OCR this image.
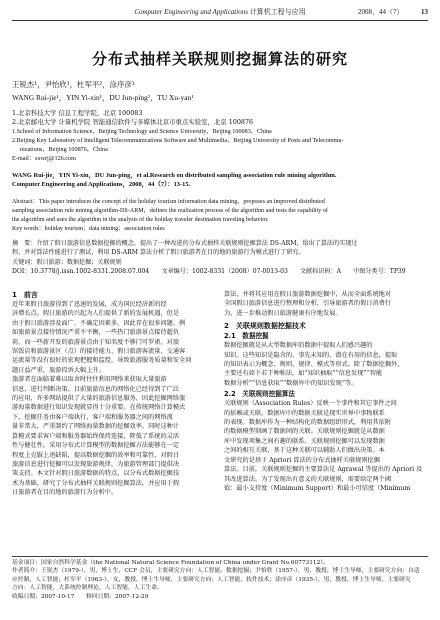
Computer Engineering and Applications 计算机工程与应用	2008，44（7）	13
分布式抽样关联规则挖掘算法的研究
王锐杰¹，尹怡欣¹，杜军平²，涂序彦¹
WANG Rui-jie¹，YIN Yi-xin¹，DU Jun-ping²，TU Xu-yan¹
1.北京科技大学 信息工程学院，北京 100083
2.北京邮电大学 计算机学院 智能通信软件与多媒体北京市重点实验室，北京 100876
1.School of Information Science，Beijing Technology and Science University，Beijing 100083，China
2.Beijing Key Laboratory of Intelligent Telecommunications Software and Multimedia，Beijing University of Posts and Telecommu-
nications，Beijing 100876，China
E-mail：sxwrj@126.com
WANG Rui-jie，YIN Yi-xin，DU Jun-ping，et al.Research on distributed sampling association rule mining algorithm.
Computer Engineering and Applications，2008，44（7）：13-15.
Abstract：This paper introduces the concept of the holiday tourism information data mining，proposes an improved distributed
sampling association rule mining algorithm-DS-ARM，defines the realization process of the algorithm and tests the capability of
the algorithm and uses the algorithm in the analysis of the holiday traveler destination traveling behavior.
Key words：holiday tourism；data mining；association rules
摘　要：介绍了假日旅游信息数据挖掘的概念，提出了一种改进的分布式抽样关联规则挖掘算法 DS-ARM，给出了算法的实现过
程，并对算法性能进行了测试，利用 DS-ARM 算法分析了假日旅游者在目的地的旅游行为模式进行了研究。
关键词：假日旅游；数据挖掘；关联规则
DOI：10.3778/j.issn.1002-8331.2008.07.004　　文章编号：1002-8331（2008）07-0013-03　　文献标识码：A　　中图分类号：TP39
1　前言
近年来假日旅游得到了迅速的发展，成为国民经济新的经
济增长点。假日旅游的兴起为人们提供了新的发展机遇，但是
由于假日旅游涉及面广、不确定因素多，因此存在很多问题。例
如旅游景点接待情况严重不平衡，一些热门旅游景点接待超负
荷，而一些新开发的旅游景点由于知名度不够门可罗雀。对旅
馆饭店和旅游景区（点）的接待能力、假日旅游客流量、交通客
运流量等没有很好的宏观把握和监控，导致旅游服务质量和安全问
题日益严重，旅游投诉大幅上升。
旅游者在面临着难以取舍时往往利用网络来获取大量旅游
信息，进行判断决策。目前旅游信息的网络化已经得到了广泛
的应用，许多网站提供了大量的旅游信息服务，因此挖掘网络旅
游海量数据进行知识发现就显得十分重要。在传统网络计算模式
下，挖掘任务由客户端执行，客户端和服务器之间的网络流
量非常大，严重制约了网络海量数据的挖掘效率。同时这种计
算模式要求客户端和服务器始终保持连接，降低了系统的灵活
性与健壮性。采用分布式计算模型的数据挖掘方法能够在一定
程度上克服上述缺陷，提高数据挖掘的效率和可靠性，对假日
旅游信息进行挖掘可以发现旅游规律，为旅游管理部门提供决
策支持。本文针对假日旅游数据的特点，以分布式数据挖掘技
术为基础，研究了分布式抽样关联规则挖掘算法，并应用于假
日旅游者在目的地的旅游行为分析中。
算法，并将其应用在假日旅游数据挖掘中，从而全面系统地对
全国假日旅游信息进行整理和分析，引导旅游者的假日消费行
为，进一步推动假日旅游健康有序地发展。
2　关联规则数据挖掘技术
2.1　数据挖掘
数据挖掘就是从大型数据库的数据中提取人们感兴趣的
知识。这些知识是隐含的、事先未知的、潜在有用的信息，提取
的知识表示为概念、规则、规律、模式等形式。除了数据挖掘外，
主要还有如下若干种称法，如“知识抽取”“信息发现”“智能
数据分析”“信息获取”“数据库中的知识发现”等。
2.2　关联规则挖掘算法
关联规则（Association Rules）反映一个事件和其它事件之间
的依赖或关联。数据库中的数据关联是现实世界中事物联系
的表现。数据库作为一种结构化的数据组织形式，利用其依附
的数据模型刻画了数据间的关联。关联规则挖掘就是从数据
库中发现项集之间有趣的联系。关联规则挖掘可以发现数据
之间的相互关联，基于这种关联可以辅助人们做出决策。本
文研究的是基于 Apriori 算法的分布式抽样关联规则挖掘
算法。目前，关联规则挖掘的主要算法是 Agrawal 等提出的 Apriori 及
其改进算法。为了发现出有意义的关联规则，需要给定两个阈
值：最小支持度（Minimum Support）和最小可信度（Minimum
基金项目：国家自然科学基金（the National Natural Science Foundation of China under Grant No.60773112）。
作者简介：王锐杰（1979-），男，博士生，CCF 会员，主要研究方向：人工智能，数据挖掘；尹怡欣（1957-），男，教授，博士生导师，主要研究方向：自适
应控制，人工智能；杜军平（1963-），女，教授，博士生导师，主要研究方向：人工智能，软件技术；涂序彦（1935-），男，教授，博士生导师，主要研究
方向：人工智能，大系统控制理论，人工智能，人工生命。
收稿日期：2007-10-17　　修回日期：2007-12-29
